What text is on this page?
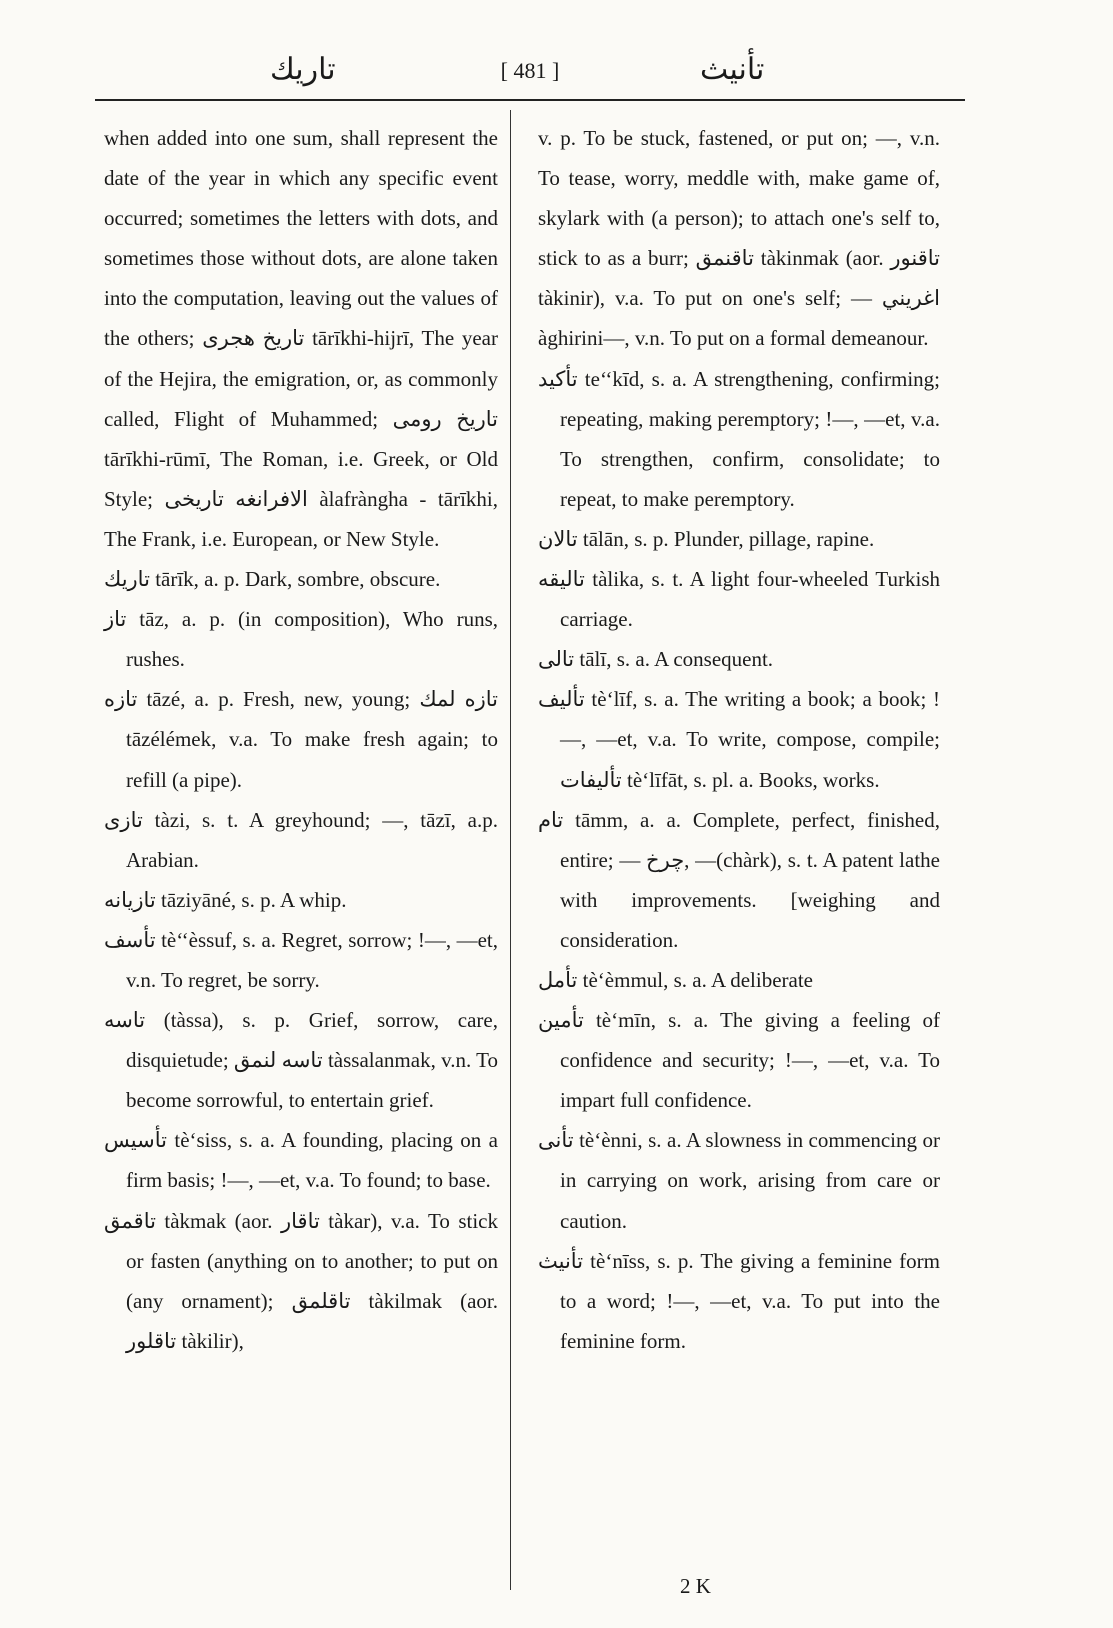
تاريك	[ 481 ]	تأنيث

when added into one sum, shall represent the date of the year in which any specific event occurred; sometimes the letters with dots, and sometimes those without dots, are alone taken into the computation, leaving out the values of the others; تاريخ هجرى tārīkhi-hijrī, The year of the Hejira, the emigration, or, as commonly called, Flight of Muhammed; تاريخ رومى tārīkhi-rūmī, The Roman, i.e. Greek, or Old Style; الافرانغه تاريخى àlafrànghа - tārīkhi, The Frank, i.e. European, or New Style.

تاريك tārīk, a. p. Dark, sombre, obscure.

تاز tāz, a. p. (in composition), Who runs, rushes.

تازه tāzé, a. p. Fresh, new, young; تازه لمك tāzélémek, v.a. To make fresh again; to refill (a pipe).

تازى tàzi, s. t. A greyhound; —, tāzī, a.p. Arabian.

تازيانه tāziyāné, s. p. A whip.

تأسف tè‘‘èssuf, s. a. Regret, sorrow; !—, —et, v.n. To regret, be sorry.

تاسه (tàssa), s. p. Grief, sorrow, care, disquietude; تاسه لنمق tàssalanmak, v.n. To become sorrowful, to entertain grief.

تأسيس tè‘siss, s. a. A founding, placing on a firm basis; !—, —et, v.a. To found; to base.

تاقمق tàkmak (aor. تاقار tàkar), v.a. To stick or fasten (anything on to another; to put on (any ornament); تاقلمق tàkilmak (aor. تاقلور tàkilir),

v. p. To be stuck, fastened, or put on; —, v.n. To tease, worry, meddle with, make game of, skylark with (a person); to attach one's self to, stick to as a burr; تاقنمق tàkinmak (aor. تاقنور tàkinir), v.a. To put on one's self; — اغريني àghirini—, v.n. To put on a formal demeanour.

تأكيد te‘‘kīd, s. a. A strengthening, confirming; repeating, making peremptory; !—, —et, v.a. To strengthen, confirm, consolidate; to repeat, to make peremptory.

تالان tālān, s. p. Plunder, pillage, rapine.

تاليقه tàlika, s. t. A light four-wheeled Turkish carriage.

تالى tālī, s. a. A consequent.

تأليف tè‘līf, s. a. The writing a book; a book; !—, —et, v.a. To write, compose, compile; تأليفات tè‘līfāt, s. pl. a. Books, works.

تام tāmm, a. a. Complete, perfect, finished, entire; — چرخ, —(chàrk), s. t. A patent lathe with improvements. [weighing and consideration.

تأمل tè‘èmmul, s. a. A deliberate

تأمين tè‘mīn, s. a. The giving a feeling of confidence and security; !—, —et, v.a. To impart full confidence.

تأنى tè‘ènni, s. a. A slowness in commencing or in carrying on work, arising from care or caution.

تأنيث tè‘nīss, s. p. The giving a feminine form to a word; !—, —et, v.a. To put into the feminine form.

2 K
